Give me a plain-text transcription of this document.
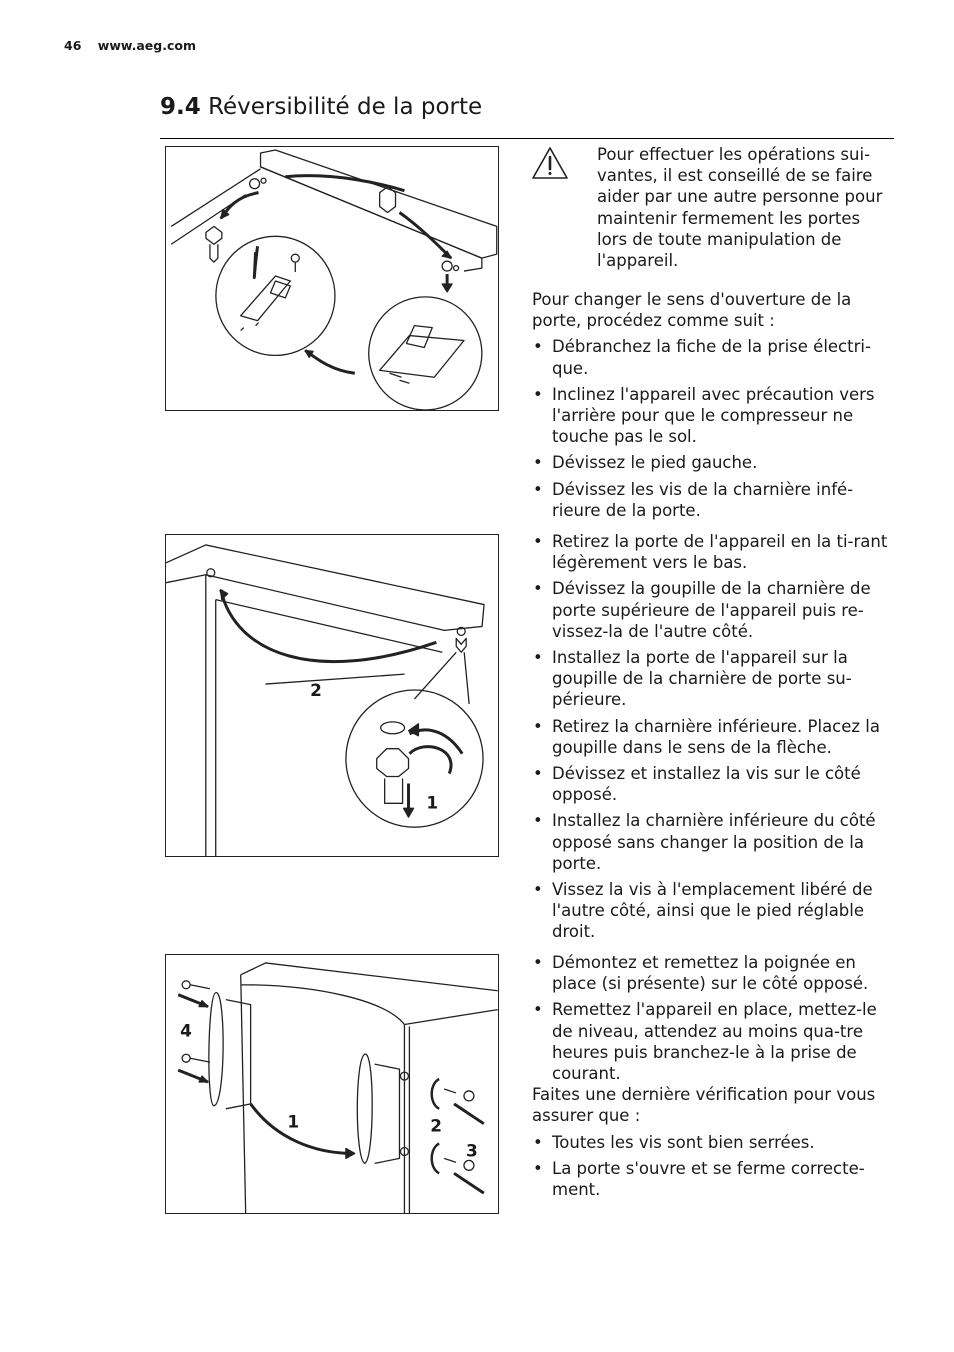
46 www.aeg.com
9.4 Réversibilité de la porte
2
1
4
1	2
3

Pour effectuer les opérations sui-vantes, il est conseillé de se faire aider par une autre personne pour maintenir fermement les portes lors de toute manipulation de l'appareil.

Pour changer le sens d'ouverture de la porte, procédez comme suit :

• Débranchez la fiche de la prise électri-que.
• Inclinez l'appareil avec précaution vers l'arrière pour que le compresseur ne touche pas le sol.
• Dévissez le pied gauche.
• Dévissez les vis de la charnière infé-rieure de la porte.
• Retirez la porte de l'appareil en la ti-rant légèrement vers le bas.
• Dévissez la goupille de la charnière de porte supérieure de l'appareil puis re-vissez-la de l'autre côté.
• Installez la porte de l'appareil sur la goupille de la charnière de porte su-périeure.
• Retirez la charnière inférieure. Placez la goupille dans le sens de la flèche.
• Dévissez et installez la vis sur le côté opposé.
• Installez la charnière inférieure du côté opposé sans changer la position de la porte.
• Vissez la vis à l'emplacement libéré de l'autre côté, ainsi que le pied réglable droit.
• Démontez et remettez la poignée en place (si présente) sur le côté opposé.
• Remettez l'appareil en place, mettez-le de niveau, attendez au moins qua-tre heures puis branchez-le à la prise de courant.

Faites une dernière vérification pour vous assurer que :

• Toutes les vis sont bien serrées.
• La porte s'ouvre et se ferme correcte-ment.
